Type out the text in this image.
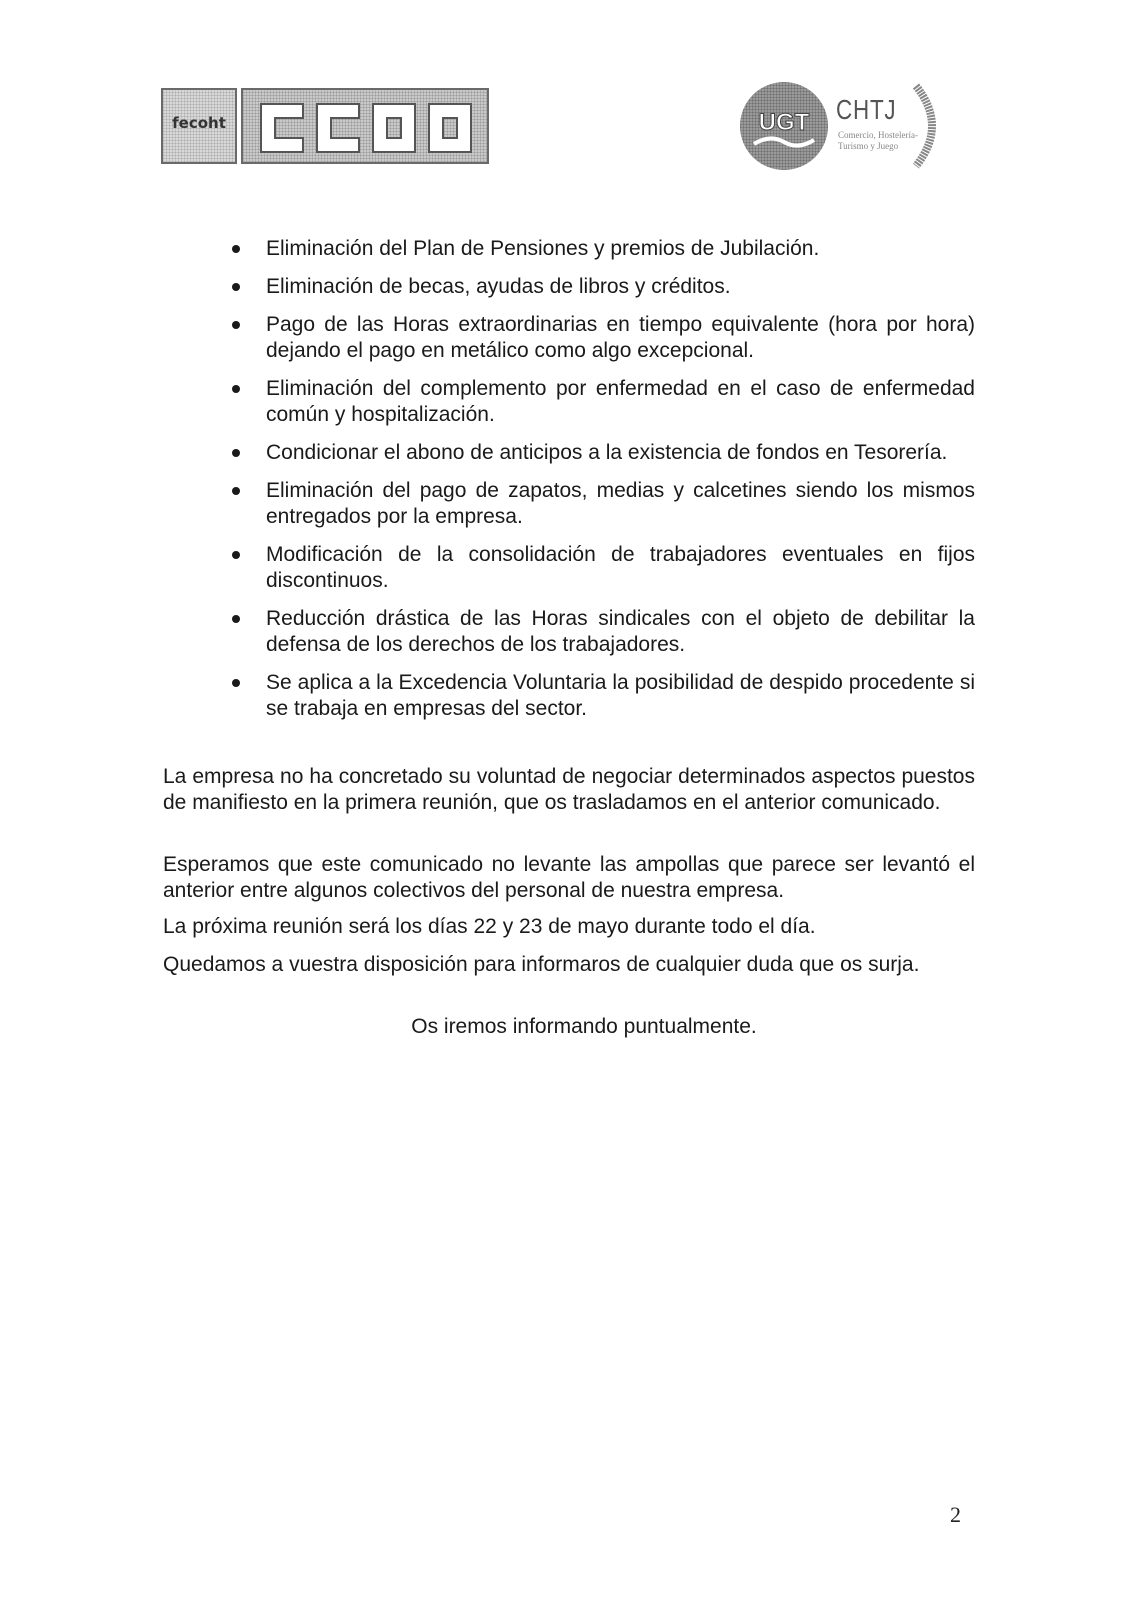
fecoht	UGT CHTJ
Comercio, Hostelería-Turismo y Juego
Eliminación del Plan de Pensiones y premios de Jubilación.
Eliminación de becas, ayudas de libros y créditos.
Pago de las Horas extraordinarias en tiempo equivalente (hora por hora) dejando el pago en metálico como algo excepcional.
Eliminación del complemento por enfermedad en el caso de enfermedad común y hospitalización.
Condicionar el abono de anticipos a la existencia de fondos en Tesorería.
Eliminación del pago de zapatos, medias y calcetines siendo los mismos entregados por la empresa.
Modificación de la consolidación de trabajadores eventuales en fijos discontinuos.
Reducción drástica de las Horas sindicales con el objeto de debilitar la defensa de los derechos de los trabajadores.
Se aplica a la Excedencia Voluntaria la posibilidad de despido procedente si se trabaja en empresas del sector.

La empresa no ha concretado su voluntad de negociar determinados aspectos puestos de manifiesto en la primera reunión, que os trasladamos en el anterior comunicado.

Esperamos que este comunicado no levante las ampollas que parece ser levantó el anterior entre algunos colectivos del personal de nuestra empresa.

La próxima reunión será los días 22 y 23 de mayo durante todo el día.

Quedamos a vuestra disposición para informaros de cualquier duda que os surja.

Os iremos informando puntualmente.

2
